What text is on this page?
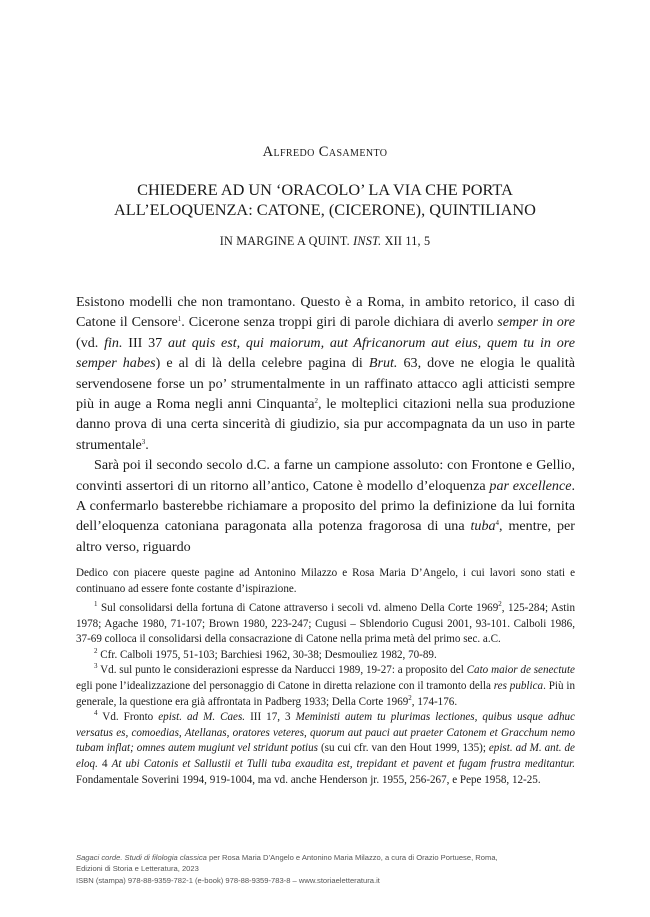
Alfredo Casamento
CHIEDERE AD UN ‘ORACOLO’ LA VIA CHE PORTA
ALL’ELOQUENZA: CATONE, (CICERONE), QUINTILIANO
IN MARGINE A QUINT. INST. XII 11, 5

Esistono modelli che non tramontano. Questo è a Roma, in ambito retorico, il caso di Catone il Censore$^1$. Cicerone senza troppi giri di parole dichiara di averlo semper in ore (vd. fin. III 37 aut quis est, qui maiorum, aut Africanorum aut eius, quem tu in ore semper habes) e al di là della celebre pagina di Brut. 63, dove ne elogia le qualità servendosene forse un po’ strumentalmente in un raffinato attacco agli atticisti sempre più in auge a Roma negli anni Cinquanta$^2$, le molteplici citazioni nella sua produzione danno prova di una certa sincerità di giudizio, sia pur accompagnata da un uso in parte strumentale$^3$.

Sarà poi il secondo secolo d.C. a farne un campione assoluto: con Frontone e Gellio, convinti assertori di un ritorno all’antico, Catone è modello d’eloquenza par excellence. A confermarlo basterebbe richiamare a proposito del primo la definizione da lui fornita dell’eloquenza catoniana paragonata alla potenza fragorosa di una tuba$^4$, mentre, per altro verso, riguardo

Dedico con piacere queste pagine ad Antonino Milazzo e Rosa Maria D’Angelo, i cui lavori sono stati e continuano ad essere fonte costante d’ispirazione.

$^1$ Sul consolidarsi della fortuna di Catone attraverso i secoli vd. almeno Della Corte 1969$^2$, 125-284; Astin 1978; Agache 1980, 71-107; Brown 1980, 223-247; Cugusi – Sblendorio Cugusi 2001, 93-101. Calboli 1986, 37-69 colloca il consolidarsi della consacrazione di Catone nella prima metà del primo sec. a.C.

$^2$ Cfr. Calboli 1975, 51-103; Barchiesi 1962, 30-38; Desmouliez 1982, 70-89.

$^3$ Vd. sul punto le considerazioni espresse da Narducci 1989, 19-27: a proposito del Cato maior de senectute egli pone l’idealizzazione del personaggio di Catone in diretta relazione con il tramonto della res publica. Più in generale, la questione era già affrontata in Padberg 1933; Della Corte 1969$^2$, 174-176.

$^4$ Vd. Fronto epist. ad M. Caes. III 17, 3 Meministi autem tu plurimas lectiones, quibus usque adhuc versatus es, comoedias, Atellanas, oratores veteres, quorum aut pauci aut praeter Catonem et Gracchum nemo tubam inflat; omnes autem mugiunt vel stridunt potius (su cui cfr. van den Hout 1999, 135); epist. ad M. ant. de eloq. 4 At ubi Catonis et Sallustii et Tulli tuba exaudita est, trepidant et pavent et fugam frustra meditantur. Fondamentale Soverini 1994, 919-1004, ma vd. anche Henderson jr. 1955, 256-267, e Pepe 1958, 12-25.

Sagaci corde. Studi di filologia classica per Rosa Maria D’Angelo e Antonino Maria Milazzo, a cura di Orazio Portuese, Roma,
Edizioni di Storia e Letteratura, 2023
ISBN (stampa) 978-88-9359-782-1 (e-book) 978-88-9359-783-8 – www.storiaeletteratura.it
